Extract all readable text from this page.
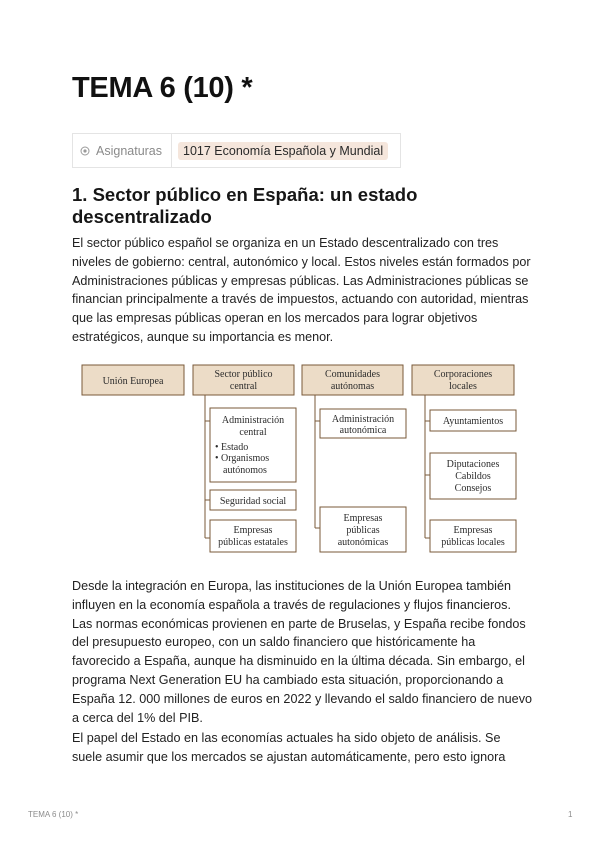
TEMA 6 (10) *
Asignaturas	1017 Economía Española y Mundial
1. Sector público en España: un estado descentralizado

El sector público español se organiza en un Estado descentralizado con tres niveles de gobierno: central, autonómico y local. Estos niveles están formados por Administraciones públicas y empresas públicas. Las Administraciones públicas se financian principalmente a través de impuestos, actuando con autoridad, mientras que las empresas públicas operan en los mercados para lograr objetivos estratégicos, aunque su importancia es menor.

Unión Europea
Sector público
central
Comunidades
autónomas
Corporaciones
locales
Administración
central
• Estado
• Organismos
autónomos
Seguridad social
Empresas
públicas estatales
Administración
autonómica
Empresas
públicas
autonómicas
Ayuntamientos
Diputaciones
Cabildos
Consejos
Empresas
públicas locales

Desde la integración en Europa, las instituciones de la Unión Europea también influyen en la economía española a través de regulaciones y flujos financieros. Las normas económicas provienen en parte de Bruselas, y España recibe fondos del presupuesto europeo, con un saldo financiero que históricamente ha favorecido a España, aunque ha disminuido en la última década. Sin embargo, el programa Next Generation EU ha cambiado esta situación, proporcionando a España 12. 000 millones de euros en 2022 y llevando el saldo financiero de nuevo a cerca del 1% del PIB.

El papel del Estado en las economías actuales ha sido objeto de análisis. Se suele asumir que los mercados se ajustan automáticamente, pero esto ignora

TEMA 6 (10) *	1
